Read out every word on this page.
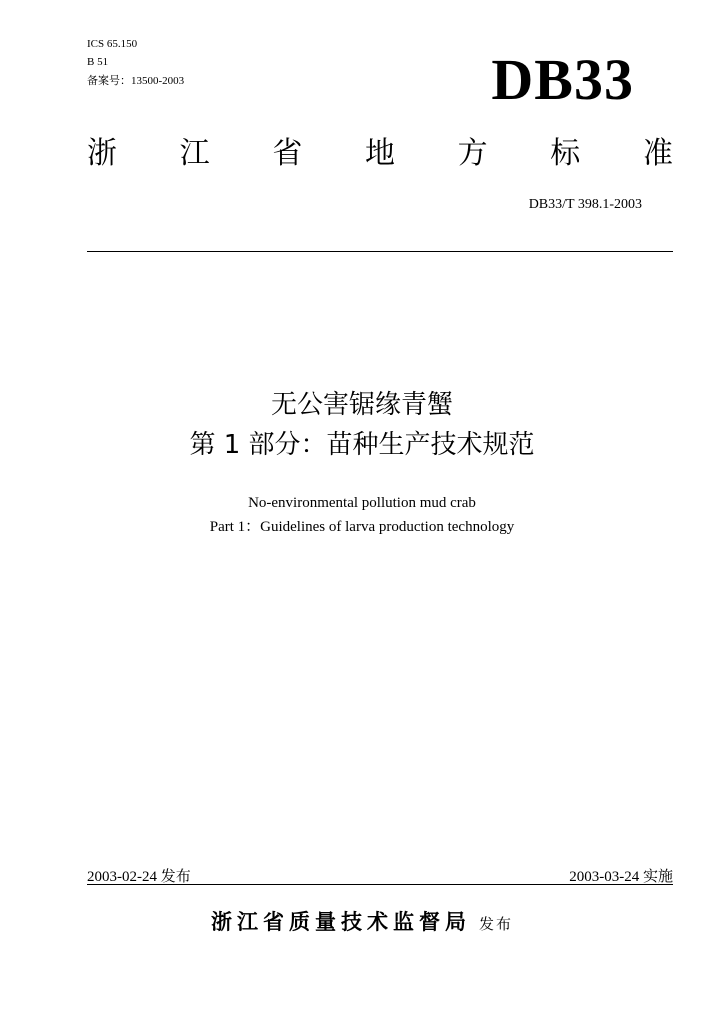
ICS 65.150
B 51
备案号：13500-2003	DB33
浙 江 省 地 方 标 准
DB33/T 398.1-2003
无公害锯缘青蟹
第 1 部分：苗种生产技术规范
No-environmental pollution mud crab
Part 1：Guidelines of larva production technology
2003-02-24 发布	2003-03-24 实施
浙江省质量技术监督局 发布
